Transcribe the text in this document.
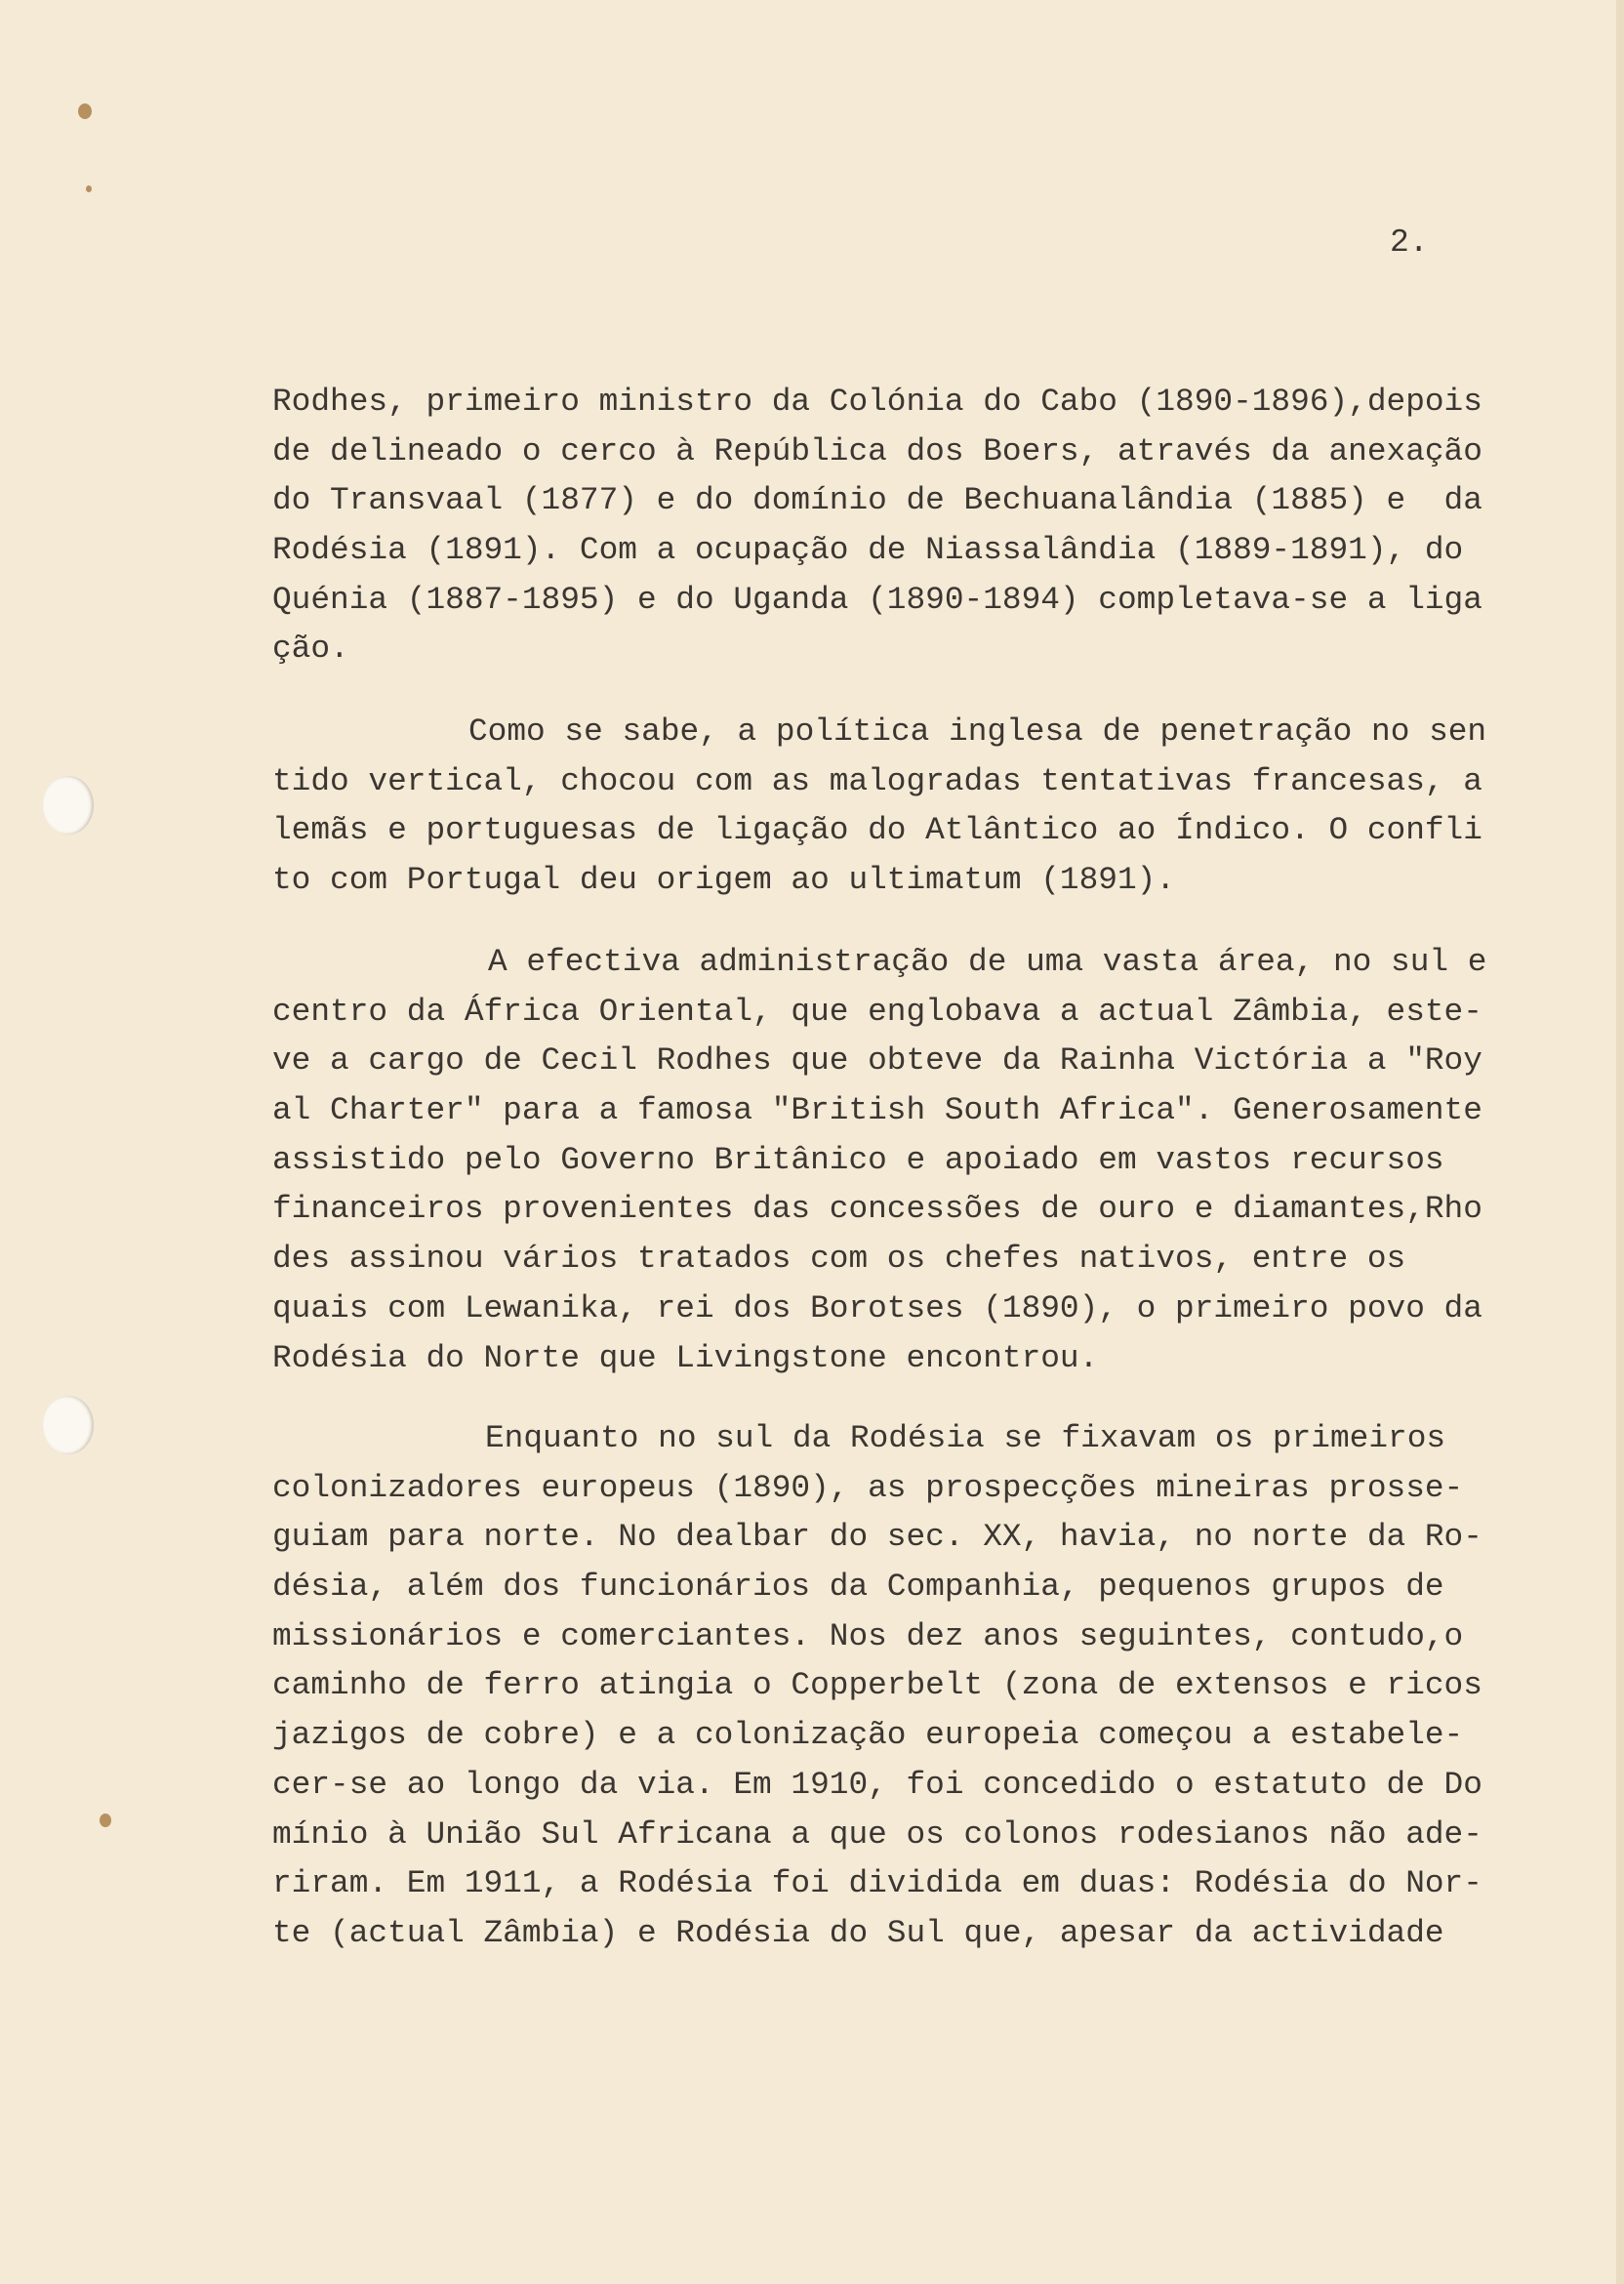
2.
Rodhes, primeiro ministro da Colónia do Cabo (1890-1896),depois
de delineado o cerco à República dos Boers, através da anexação
do Transvaal (1877) e do domínio de Bechuanalândia (1885) e  da
Rodésia (1891). Com a ocupação de Niassalândia (1889-1891), do
Quénia (1887-1895) e do Uganda (1890-1894) completava-se a liga
ção.
Como se sabe, a política inglesa de penetração no sen
tido vertical, chocou com as malogradas tentativas francesas, a
lemãs e portuguesas de ligação do Atlântico ao Índico. O confli
to com Portugal deu origem ao ultimatum (1891).
A efectiva administração de uma vasta área, no sul e
centro da África Oriental, que englobava a actual Zâmbia, este-
ve a cargo de Cecil Rodhes que obteve da Rainha Victória a "Roy
al Charter" para a famosa "British South Africa". Generosamente
assistido pelo Governo Britânico e apoiado em vastos recursos
financeiros provenientes das concessões de ouro e diamantes,Rho
des assinou vários tratados com os chefes nativos, entre os
quais com Lewanika, rei dos Borotses (1890), o primeiro povo da
Rodésia do Norte que Livingstone encontrou.
Enquanto no sul da Rodésia se fixavam os primeiros
colonizadores europeus (1890), as prospecções mineiras prosse-
guiam para norte. No dealbar do sec. XX, havia, no norte da Ro-
désia, além dos funcionários da Companhia, pequenos grupos de
missionários e comerciantes. Nos dez anos seguintes, contudo,o
caminho de ferro atingia o Copperbelt (zona de extensos e ricos
jazigos de cobre) e a colonização europeia começou a estabele-
cer-se ao longo da via. Em 1910, foi concedido o estatuto de Do
mínio à União Sul Africana a que os colonos rodesianos não ade-
riram. Em 1911, a Rodésia foi dividida em duas: Rodésia do Nor-
te (actual Zâmbia) e Rodésia do Sul que, apesar da actividade
